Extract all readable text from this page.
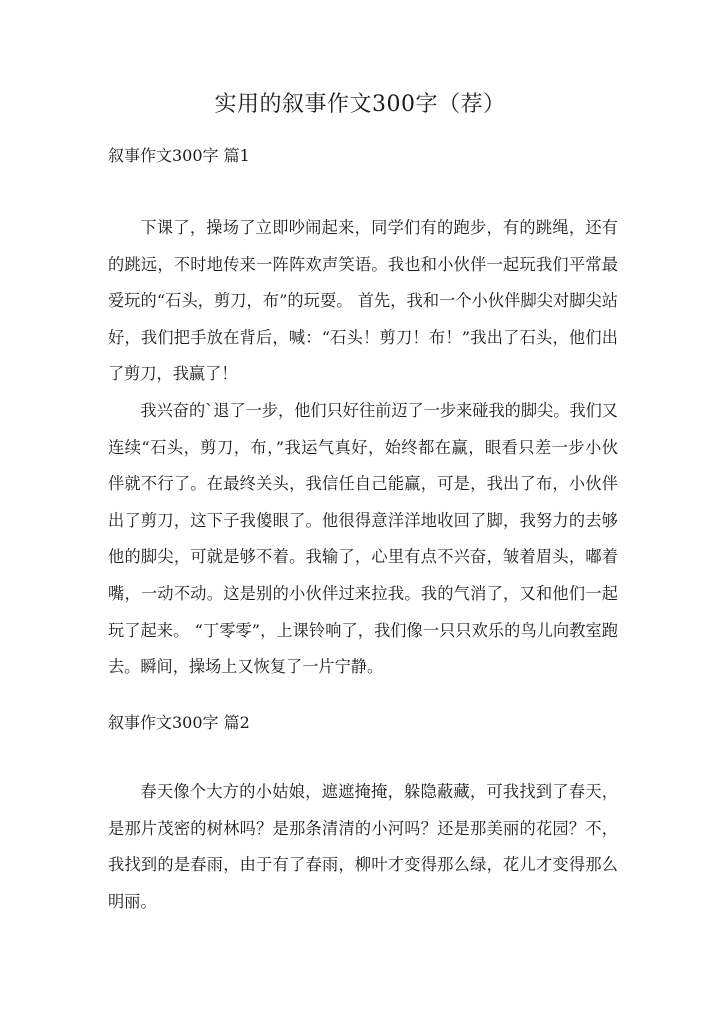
实用的叙事作文300字（荐）
叙事作文300字 篇1

下课了，操场了立即吵闹起来，同学们有的跑步，有的跳绳，还有的跳远，不时地传来一阵阵欢声笑语。我也和小伙伴一起玩我们平常最爱玩的“石头，剪刀，布”的玩耍。 首先，我和一个小伙伴脚尖对脚尖站好，我们把手放在背后，喊：“石头！剪刀！布！”我出了石头，他们出了剪刀，我赢了！

我兴奋的`退了一步，他们只好往前迈了一步来碰我的脚尖。我们又连续“石头，剪刀，布，”我运气真好，始终都在赢，眼看只差一步小伙伴就不行了。在最终关头，我信任自己能赢，可是，我出了布，小伙伴出了剪刀，这下子我傻眼了。他很得意洋洋地收回了脚，我努力的去够他的脚尖，可就是够不着。我输了，心里有点不兴奋，皱着眉头，嘟着嘴，一动不动。这是别的小伙伴过来拉我。我的气消了，又和他们一起玩了起来。 “丁零零”，上课铃响了，我们像一只只欢乐的鸟儿向教室跑去。瞬间，操场上又恢复了一片宁静。

叙事作文300字 篇2

春天像个大方的小姑娘，遮遮掩掩，躲隐蔽藏，可我找到了春天，是那片茂密的树林吗？是那条清清的小河吗？还是那美丽的花园？不，我找到的是春雨，由于有了春雨，柳叶才变得那么绿，花儿才变得那么明丽。
